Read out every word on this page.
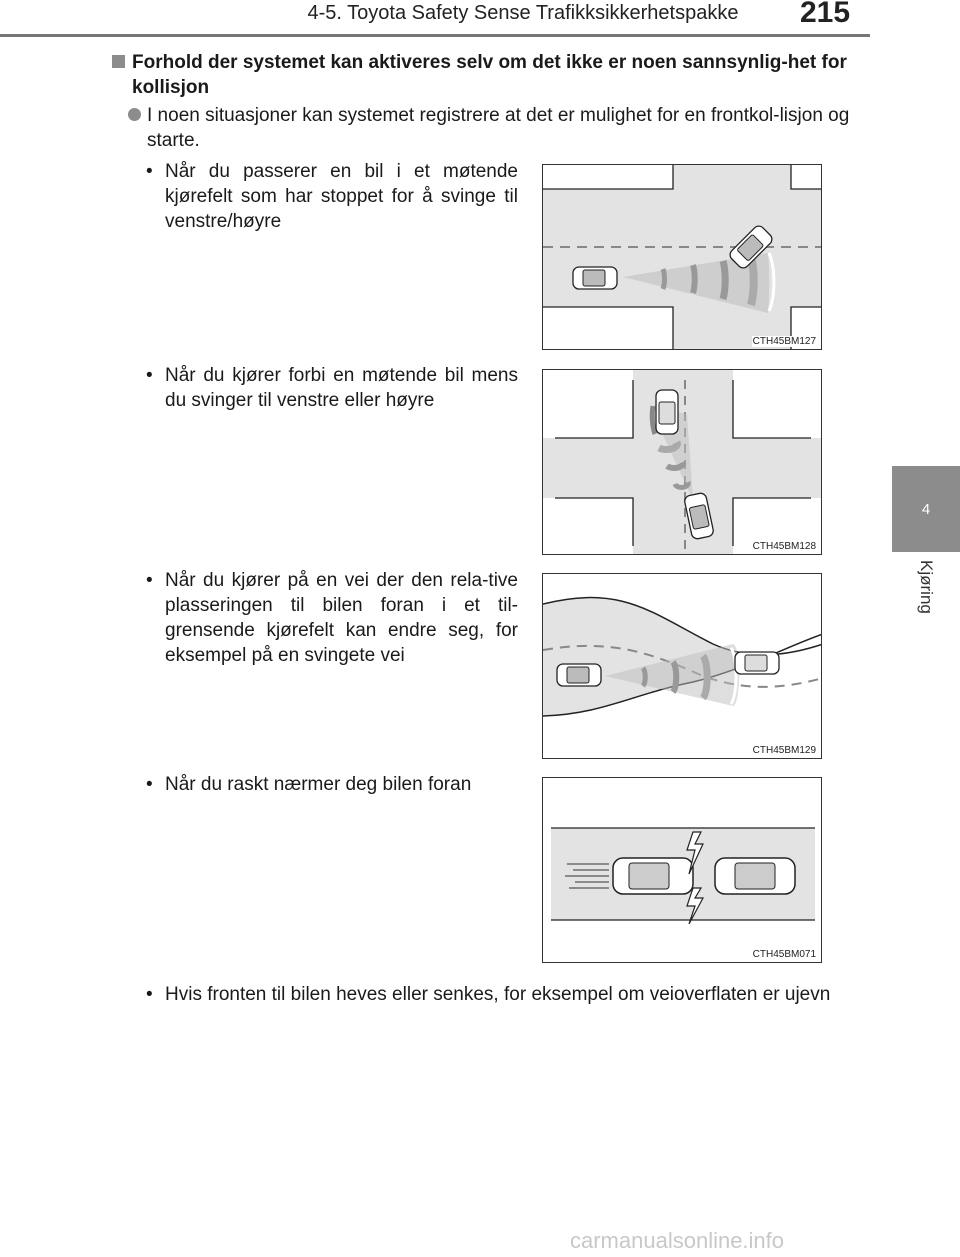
4-5. Toyota Safety Sense Trafikksikkerhetspakke	215
4
Kjøring
Forhold der systemet kan aktiveres selv om det ikke er noen sannsynlig-het for kollisjon
I noen situasjoner kan systemet registrere at det er mulighet for en frontkol-lisjon og starte.
• Når du passerer en bil i et møtende kjørefelt som har stoppet for å svinge til venstre/høyre
CTH45BM127
• Når du kjører forbi en møtende bil mens du svinger til venstre eller høyre
CTH45BM128
• Når du kjører på en vei der den rela-tive plasseringen til bilen foran i et til-grensende kjørefelt kan endre seg, for eksempel på en svingete vei
CTH45BM129
• Når du raskt nærmer deg bilen foran
CTH45BM071
• Hvis fronten til bilen heves eller senkes, for eksempel om veioverflaten er ujevn
carmanualsonline.info
